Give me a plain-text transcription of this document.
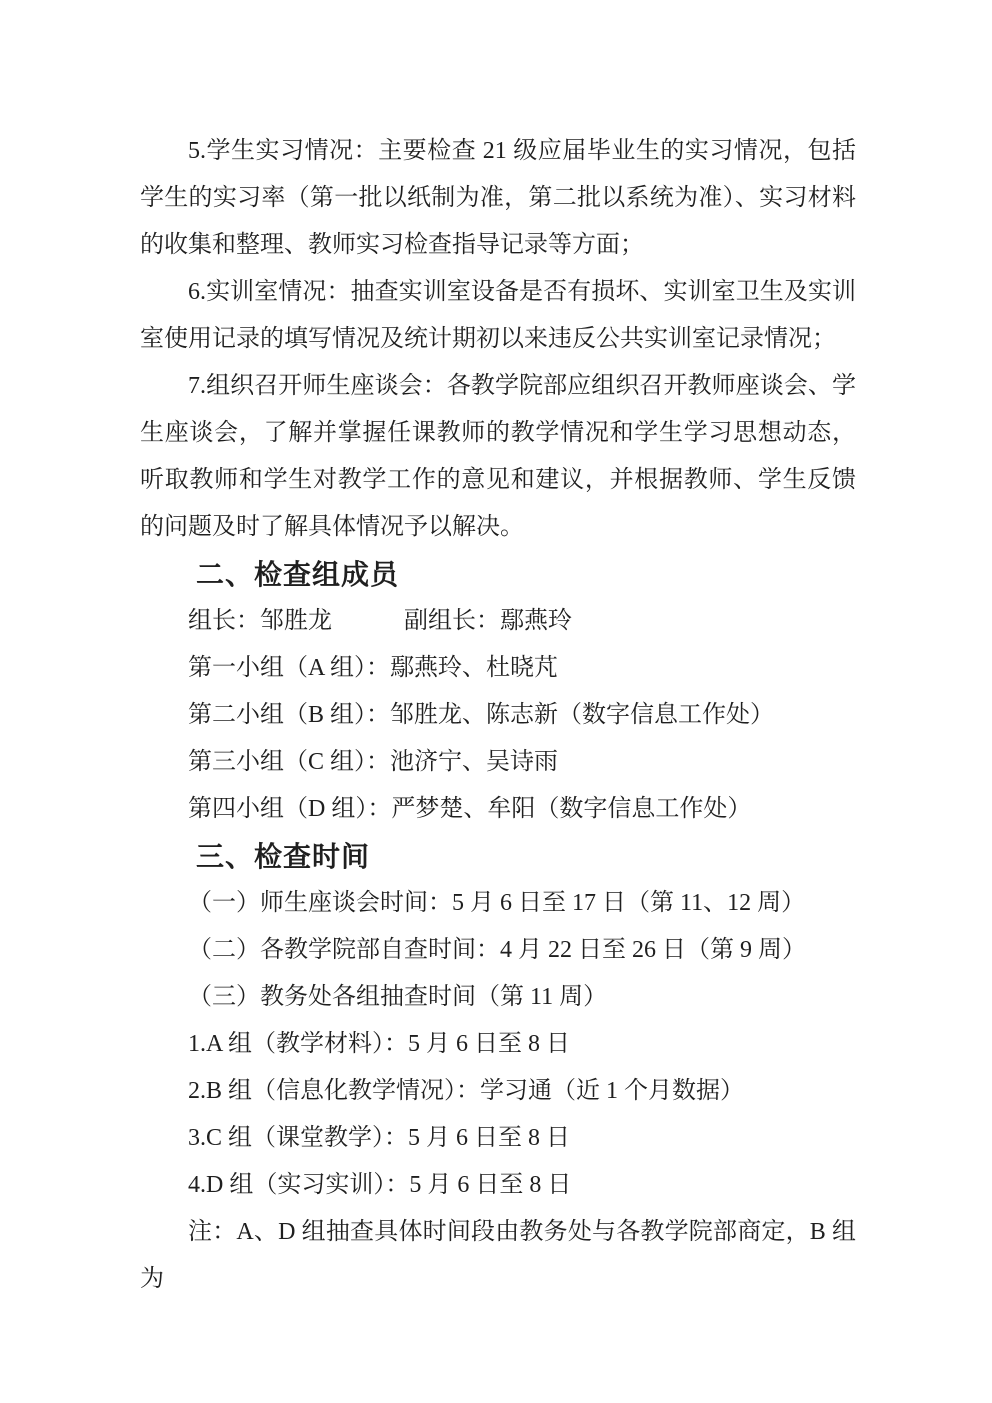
5.学生实习情况：主要检查 21 级应届毕业生的实习情况，包括学生的实习率（第一批以纸制为准，第二批以系统为准）、实习材料的收集和整理、教师实习检查指导记录等方面；

6.实训室情况：抽查实训室设备是否有损坏、实训室卫生及实训室使用记录的填写情况及统计期初以来违反公共实训室记录情况；

7.组织召开师生座谈会：各教学院部应组织召开教师座谈会、学生座谈会，了解并掌握任课教师的教学情况和学生学习思想动态，听取教师和学生对教学工作的意见和建议，并根据教师、学生反馈的问题及时了解具体情况予以解决。

二、检查组成员

组长：邹胜龙　　　副组长：鄢燕玲

第一小组（A 组）：鄢燕玲、杜晓芃

第二小组（B 组）：邹胜龙、陈志新（数字信息工作处）

第三小组（C 组）：池济宁、吴诗雨

第四小组（D 组）：严梦楚、牟阳（数字信息工作处）

三、检查时间

（一）师生座谈会时间：5 月 6 日至 17 日（第 11、12 周）

（二）各教学院部自查时间：4 月 22 日至 26 日（第 9 周）

（三）教务处各组抽查时间（第 11 周）

1.A 组（教学材料）：5 月 6 日至 8 日

2.B 组（信息化教学情况）：学习通（近 1 个月数据）

3.C 组（课堂教学）：5 月 6 日至 8 日

4.D 组（实习实训）：5 月 6 日至 8 日

注：A、D 组抽查具体时间段由教务处与各教学院部商定，B 组为
